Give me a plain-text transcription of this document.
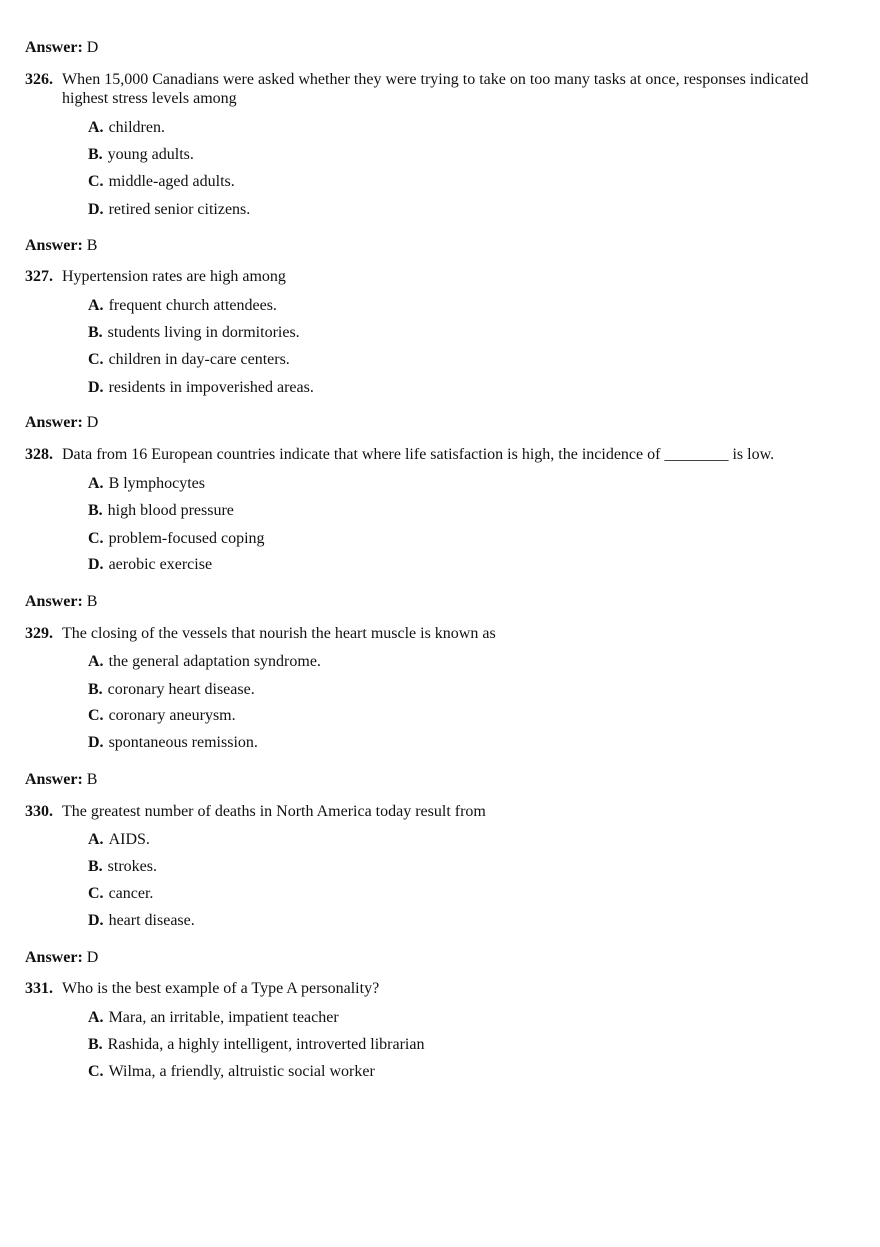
Answer: D
326. When 15,000 Canadians were asked whether they were trying to take on too many tasks at once, responses indicated highest stress levels among
A. children.
B. young adults.
C. middle-aged adults.
D. retired senior citizens.
Answer: B
327. Hypertension rates are high among
A. frequent church attendees.
B. students living in dormitories.
C. children in day-care centers.
D. residents in impoverished areas.
Answer: D
328. Data from 16 European countries indicate that where life satisfaction is high, the incidence of ________ is low.
A. B lymphocytes
B. high blood pressure
C. problem-focused coping
D. aerobic exercise
Answer: B
329. The closing of the vessels that nourish the heart muscle is known as
A. the general adaptation syndrome.
B. coronary heart disease.
C. coronary aneurysm.
D. spontaneous remission.
Answer: B
330. The greatest number of deaths in North America today result from
A. AIDS.
B. strokes.
C. cancer.
D. heart disease.
Answer: D
331. Who is the best example of a Type A personality?
A. Mara, an irritable, impatient teacher
B. Rashida, a highly intelligent, introverted librarian
C. Wilma, a friendly, altruistic social worker
